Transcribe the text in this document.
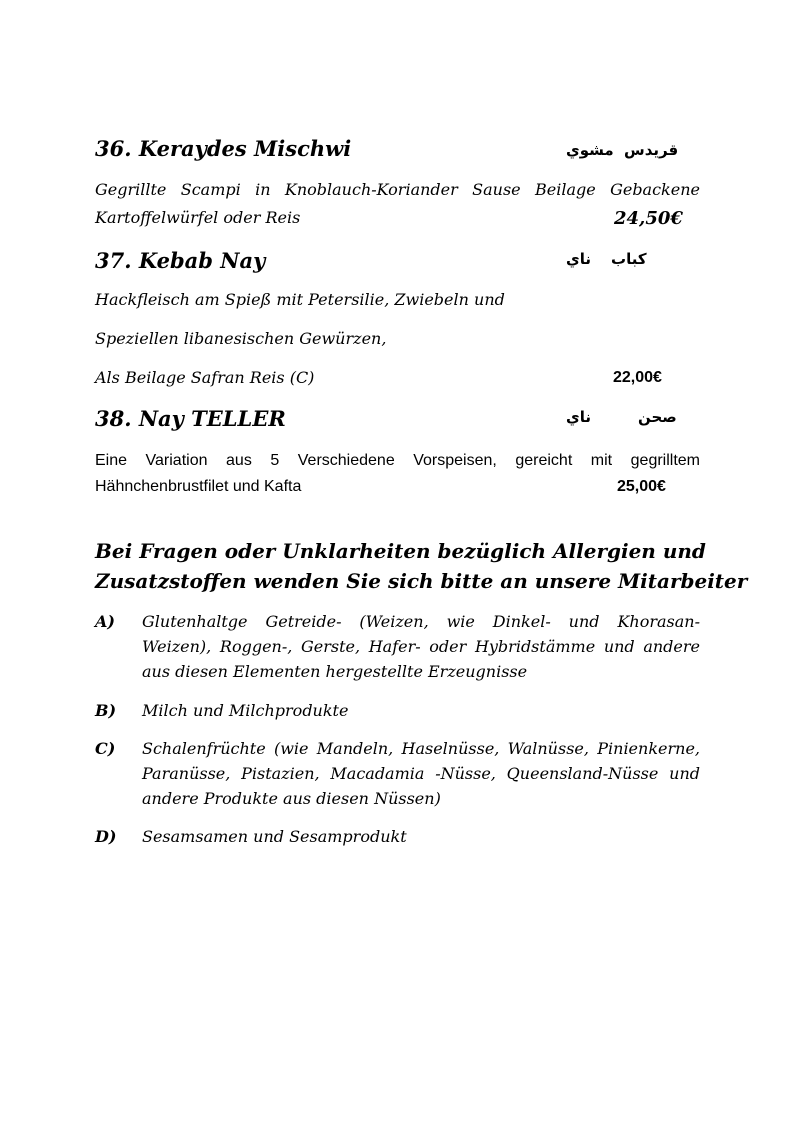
36. Keraydes Mischwi	مشوي قريدس
Gegrillte Scampi in Knoblauch-Koriander Sause Beilage Gebackene
Kartoffelwürfel oder Reis	24,50€
37. Kebab Nay	ناي كباب
Hackfleisch am Spieß mit Petersilie, Zwiebeln und
Speziellen libanesischen Gewürzen,
Als Beilage Safran Reis (C)	22,00€
38. Nay TELLER	ناي	صحن
Eine Variation aus 5 Verschiedene Vorspeisen, gereicht mit gegrilltem
Hähnchenbrustfilet und Kafta	25,00€
Bei Fragen oder Unklarheiten bezüglich Allergien und
Zusatzstoffen wenden Sie sich bitte an unsere Mitarbeiter
A) Glutenhaltge Getreide- (Weizen, wie Dinkel- und Khorasan-
Weizen), Roggen-, Gerste, Hafer- oder Hybridstämme und andere
aus diesen Elementen hergestellte Erzeugnisse
B) Milch und Milchprodukte
C) Schalenfrüchte (wie Mandeln, Haselnüsse, Walnüsse, Pinienkerne,
Paranüsse, Pistazien, Macadamia -Nüsse, Queensland-Nüsse und
andere Produkte aus diesen Nüssen)
D) Sesamsamen und Sesamprodukt
